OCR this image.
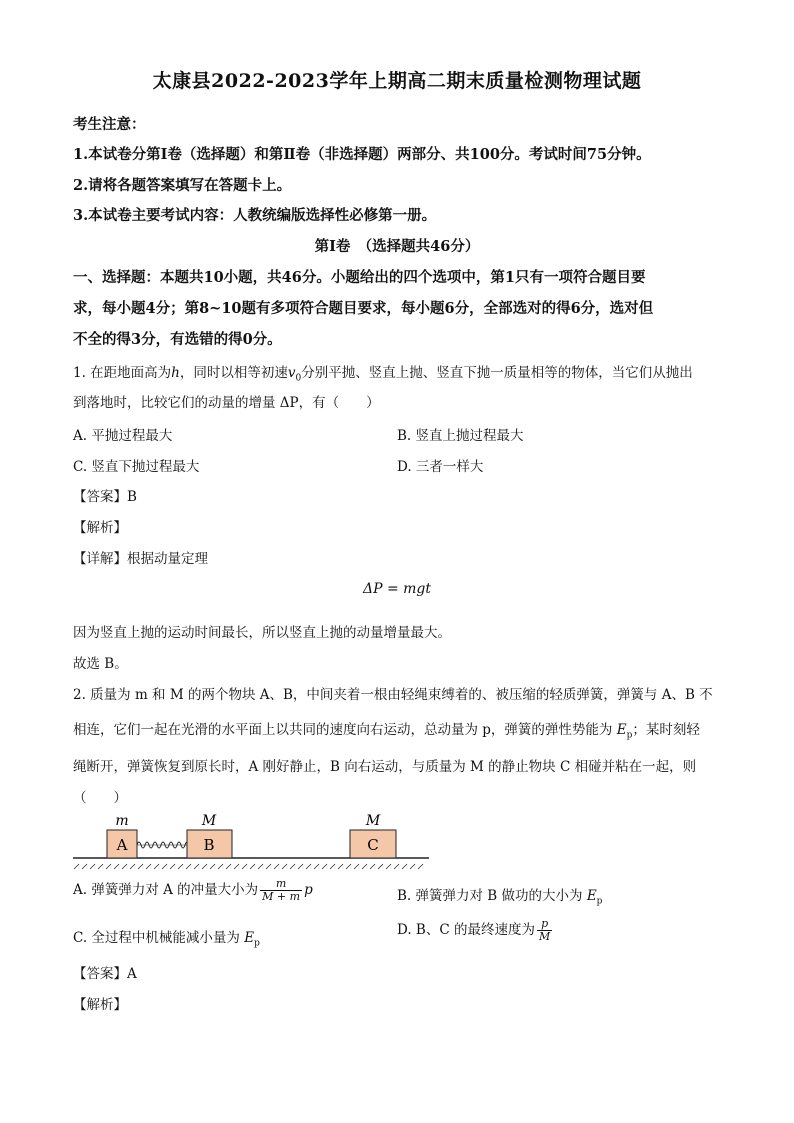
太康县2022-2023学年上期高二期末质量检测物理试题
考生注意：
1.本试卷分第Ⅰ卷（选择题）和第Ⅱ卷（非选择题）两部分、共100分。考试时间75分钟。
2.请将各题答案填写在答题卡上。
3.本试卷主要考试内容：人教统编版选择性必修第一册。
第Ⅰ卷　（选择题共46分）
一、选择题：本题共10小题，共46分。小题给出的四个选项中，第1只有一项符合题目要
求，每小题4分；第8~10题有多项符合题目要求，每小题6分，全部选对的得6分，选对但
不全的得3分，有选错的得0分。
1. 在距地面高为h，同时以相等初速$v_0$分别平抛、竖直上抛、竖直下抛一质量相等的物体，当它们从抛出
到落地时，比较它们的动量的增量 ΔP，有（　　）
A. 平抛过程最大	B. 竖直上抛过程最大
C. 竖直下抛过程最大	D. 三者一样大
【答案】B
【解析】
【详解】根据动量定理
ΔP = mgt
因为竖直上抛的运动时间最长，所以竖直上抛的动量增量最大。
故选 B。
2. 质量为 m 和 M 的两个物块 A、B，中间夹着一根由轻绳束缚着的、被压缩的轻质弹簧，弹簧与 A、B 不
相连，它们一起在光滑的水平面上以共同的速度向右运动，总动量为 p，弹簧的弹性势能为 $E_p$；某时刻轻
绳断开，弹簧恢复到原长时，A 刚好静止，B 向右运动，与质量为 M 的静止物块 C 相碰并粘在一起，则
（　　）
A
m
B
M
C
M
A. 弹簧弹力对 A 的冲量大小为 $\frac{m}{M + m}$ p	B. 弹簧弹力对 B 做功的大小为 $E_p$
C. 全过程中机械能减小量为 $E_p$
D. B、C 的最终速度为 $\frac{p}{M}$
【答案】A
【解析】
